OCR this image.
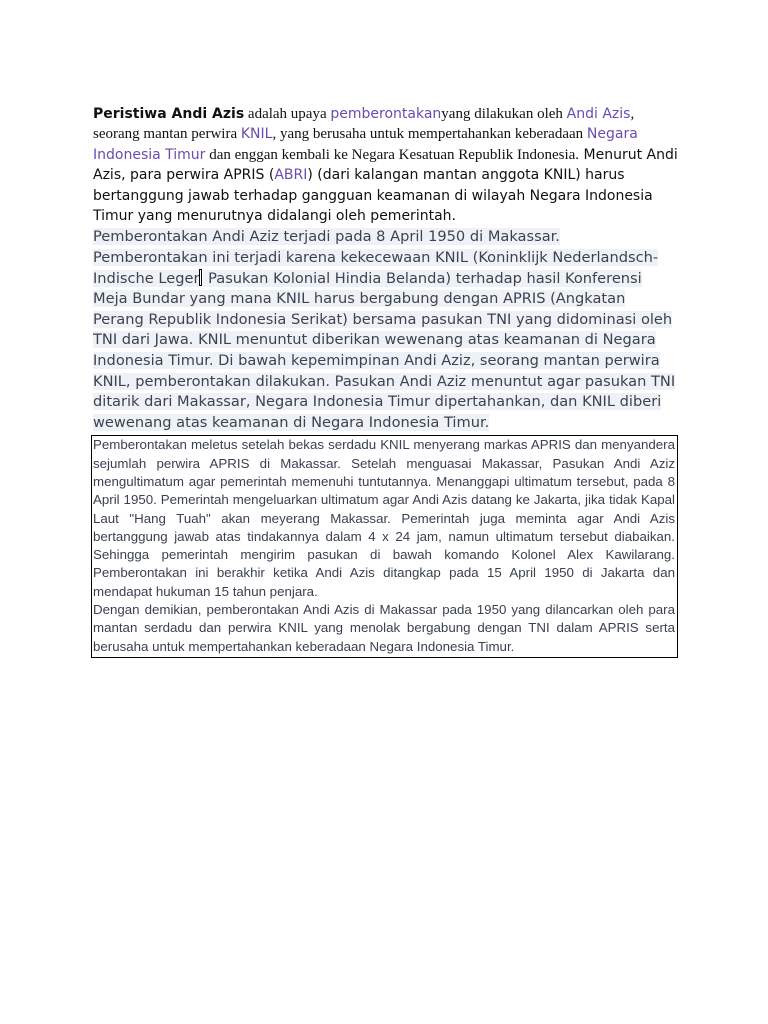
Peristiwa Andi Azis adalah upaya pemberontakanyang dilakukan oleh Andi Azis, seorang mantan perwira KNIL, yang berusaha untuk mempertahankan keberadaan Negara Indonesia Timur dan enggan kembali ke Negara Kesatuan Republik Indonesia. Menurut Andi Azis, para perwira APRIS (ABRI) (dari kalangan mantan anggota KNIL) harus bertanggung jawab terhadap gangguan keamanan di wilayah Negara Indonesia Timur yang menurutnya didalangi oleh pemerintah.

Pemberontakan Andi Aziz terjadi pada 8 April 1950 di Makassar. Pemberontakan ini terjadi karena kekecewaan KNIL (Koninklijk Nederlandsch-Indische Leger Pasukan Kolonial Hindia Belanda) terhadap hasil Konferensi Meja Bundar yang mana KNIL harus bergabung dengan APRIS (Angkatan Perang Republik Indonesia Serikat) bersama pasukan TNI yang didominasi oleh TNI dari Jawa. KNIL menuntut diberikan wewenang atas keamanan di Negara Indonesia Timur. Di bawah kepemimpinan Andi Aziz, seorang mantan perwira KNIL, pemberontakan dilakukan. Pasukan Andi Aziz menuntut agar pasukan TNI ditarik dari Makassar, Negara Indonesia Timur dipertahankan, dan KNIL diberi wewenang atas keamanan di Negara Indonesia Timur.

Pemberontakan meletus setelah bekas serdadu KNIL menyerang markas APRIS dan menyandera sejumlah perwira APRIS di Makassar. Setelah menguasai Makassar, Pasukan Andi Aziz mengultimatum agar pemerintah memenuhi tuntutannya. Menanggapi ultimatum tersebut, pada 8 April 1950. Pemerintah mengeluarkan ultimatum agar Andi Azis datang ke Jakarta, jika tidak Kapal Laut "Hang Tuah" akan meyerang Makassar. Pemerintah juga meminta agar Andi Azis bertanggung jawab atas tindakannya dalam 4 x 24 jam, namun ultimatum tersebut diabaikan. Sehingga pemerintah mengirim pasukan di bawah komando Kolonel Alex Kawilarang. Pemberontakan ini berakhir ketika Andi Azis ditangkap pada 15 April 1950 di Jakarta dan mendapat hukuman 15 tahun penjara.

Dengan demikian, pemberontakan Andi Azis di Makassar pada 1950 yang dilancarkan oleh para mantan serdadu dan perwira KNIL yang menolak bergabung dengan TNI dalam APRIS serta berusaha untuk mempertahankan keberadaan Negara Indonesia Timur.
